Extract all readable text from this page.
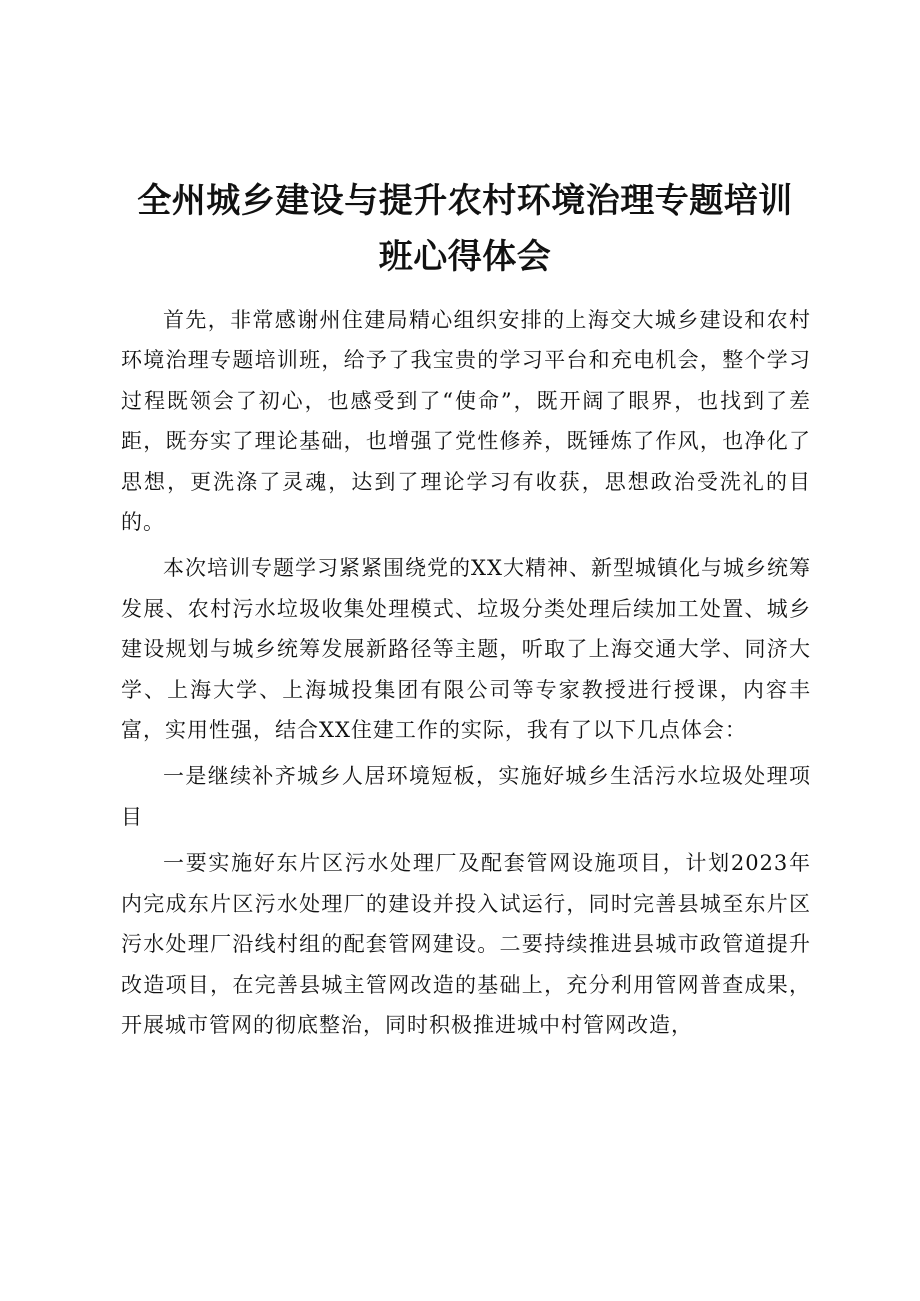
全州城乡建设与提升农村环境治理专题培训
班心得体会

首先，非常感谢州住建局精心组织安排的上海交大城乡建设和农村环境治理专题培训班，给予了我宝贵的学习平台和充电机会，整个学习过程既领会了初心，也感受到了“使命”，既开阔了眼界，也找到了差距，既夯实了理论基础，也增强了党性修养，既锤炼了作风，也净化了思想，更洗涤了灵魂，达到了理论学习有收获，思想政治受洗礼的目的。

本次培训专题学习紧紧围绕党的XX大精神、新型城镇化与城乡统筹发展、农村污水垃圾收集处理模式、垃圾分类处理后续加工处置、城乡建设规划与城乡统筹发展新路径等主题，听取了上海交通大学、同济大学、上海大学、上海城投集团有限公司等专家教授进行授课，内容丰富，实用性强，结合XX住建工作的实际，我有了以下几点体会：

一是继续补齐城乡人居环境短板，实施好城乡生活污水垃圾处理项目

一要实施好东片区污水处理厂及配套管网设施项目，计划2023年内完成东片区污水处理厂的建设并投入试运行，同时完善县城至东片区污水处理厂沿线村组的配套管网建设。二要持续推进县城市政管道提升改造项目，在完善县城主管网改造的基础上，充分利用管网普查成果，开展城市管网的彻底整治，同时积极推进城中村管网改造，
